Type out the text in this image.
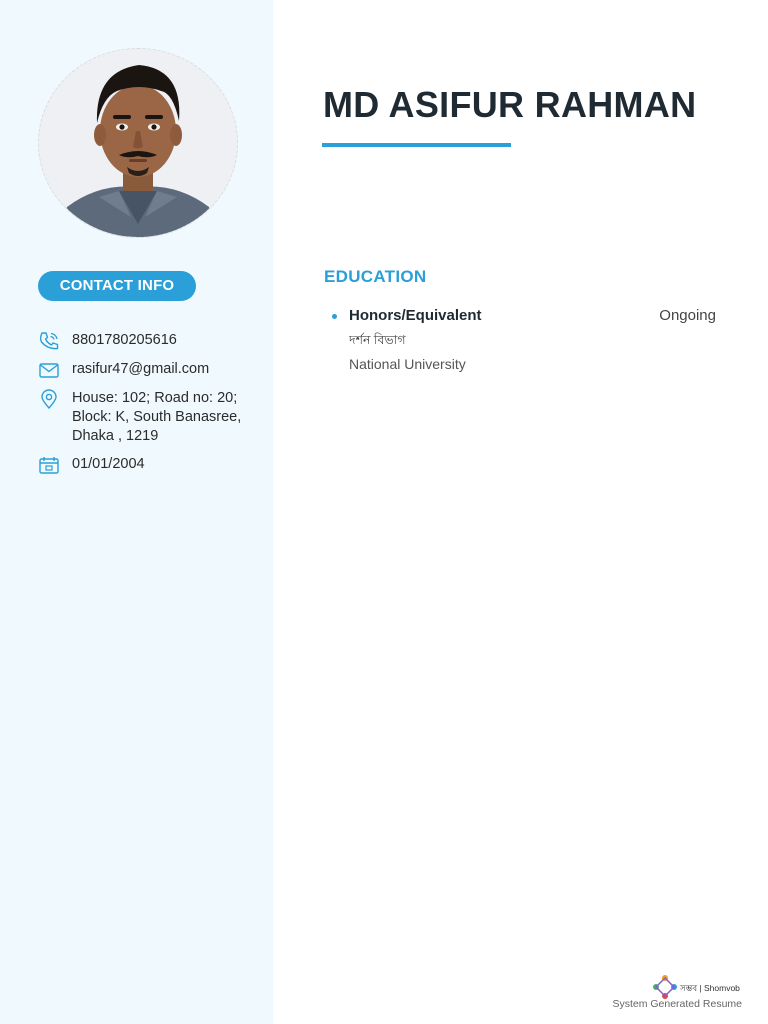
CONTACT INFO
8801780205616
rasifur47@gmail.com
House: 102; Road no: 20; Block: K, South Banasree, Dhaka , 1219
01/01/2004
MD ASIFUR RAHMAN
EDUCATION
Honors/Equivalent	Ongoing
দর্শন বিভাগ
National University
সম্ভব | Shomvob
System Generated Resume
